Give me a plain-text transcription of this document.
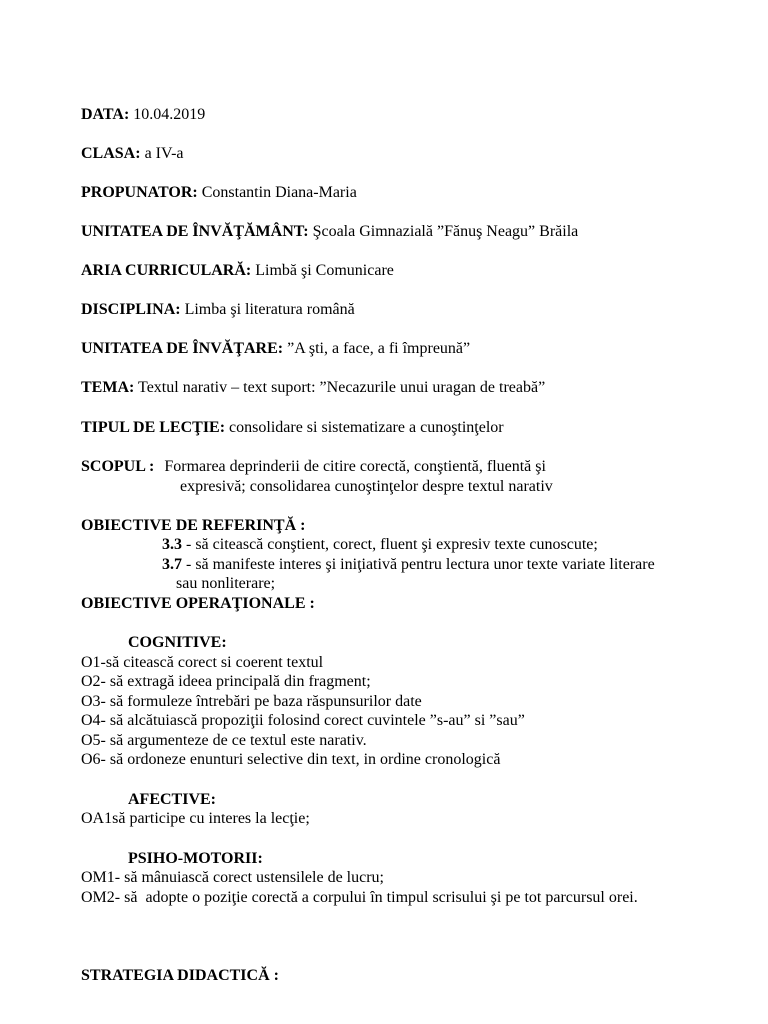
DATA: 10.04.2019
CLASA: a IV-a
PROPUNATOR: Constantin Diana-Maria
UNITATEA DE ÎNVĂŢĂMÂNT: Şcoala Gimnazială ”Fănuş Neagu” Brăila
ARIA CURRICULARĂ: Limbă şi Comunicare
DISCIPLINA: Limba şi literatura română
UNITATEA DE ÎNVĂŢARE: ”A şti, a face, a fi împreună”
TEMA: Textul narativ – text suport: ”Necazurile unui uragan de treabă”
TIPUL DE LECŢIE: consolidare si sistematizare a cunoştinţelor
SCOPUL : Formarea deprinderii de citire corectă, conştientă, fluentă şi
expresivă; consolidarea cunoştinţelor despre textul narativ
OBIECTIVE DE REFERINŢĂ :
3.3 - să citească conştient, corect, fluent şi expresiv texte cunoscute;
3.7 - să manifeste interes şi iniţiativă pentru lectura unor texte variate literare
sau nonliterare;
OBIECTIVE OPERAŢIONALE :
COGNITIVE:
O1-să citească corect si coerent textul
O2- să extragă ideea principală din fragment;
O3- să formuleze întrebări pe baza răspunsurilor date
O4- să alcătuiască propoziţii folosind corect cuvintele ”s-au” si ”sau”
O5- să argumenteze de ce textul este narativ.
O6- să ordoneze enunturi selective din text, in ordine cronologică
AFECTIVE:
OA1să participe cu interes la lecţie;
PSIHO-MOTORII:
OM1- să mânuiască corect ustensilele de lucru;
OM2- să  adopte o poziţie corectă a corpului în timpul scrisului şi pe tot parcursul orei.
STRATEGIA DIDACTICĂ :
